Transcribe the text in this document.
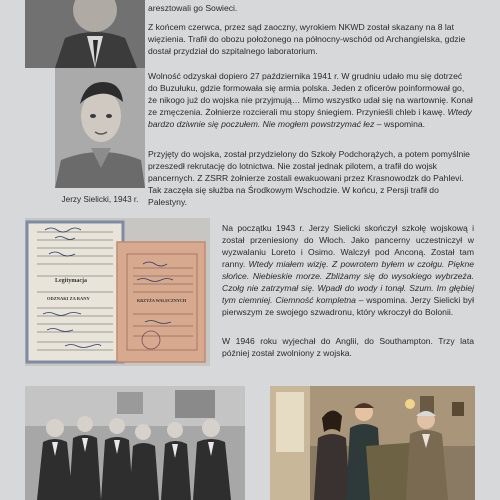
Jerzy Sielicki, 1943 r.

aresztowali go Sowieci.

Z końcem czerwca, przez sąd zaoczny, wyrokiem NKWD został skazany na 8 lat więzienia. Trafił do obozu położonego na północny-wschód od Archangielska, gdzie dostał przydział do szpitalnego laboratorium.

Wolność odzyskał dopiero 27 października 1941 r. W grudniu udało mu się dotrzeć do Buzułuku, gdzie formowała się armia polska. Jeden z oficerów poinformował go, że nikogo już do wojska nie przyjmują… Mimo wszystko udał się na wartownię. Konał ze zmęczenia. Żołnierze rozcierali mu stopy śniegiem. Przynieśli chleb i kawę. Wtedy bardzo dziwnie się poczułem. Nie mogłem powstrzymać łez – wspomina.

Przyjęty do wojska, został przydzielony do Szkoły Podchorążych, a potem pomyślnie przeszedł rekrutację do lotnictwa. Nie został jednak pilotem, a trafił do wojsk pancernych. Z ZSRR żołnierze zostali ewakuowani przez Krasnowodzk do Pahlevi. Tak zaczęła się służba na Środkowym Wschodzie. W końcu, z Persji trafił do Palestyny.

Legitymacja
ODZNAKI ZA RANY	KRZYŻA WALECZNYCH

Na początku 1943 r. Jerzy Sielicki skończył szkołę wojskową i został przeniesiony do Włoch. Jako pancerny uczestniczył w wyzwalaniu Loreto i Osimo. Walczył pod Anconą. Został tam ranny. Wtedy miałem wizję. Z powrotem byłem w czołgu. Piękne słońce. Niebieskie morze. Zbliżamy się do wysokiego wybrzeża. Czołg nie zatrzymał się. Wpadł do wody i tonął. Szum. Im głębiej tym ciemniej. Ciemność kompletna – wspomina. Jerzy Sielicki był pierwszym ze swojego szwadronu, który wkroczył do Bolonii.

W 1946 roku wyjechał do Anglii, do Southampton. Trzy lata później został zwolniony z wojska.
